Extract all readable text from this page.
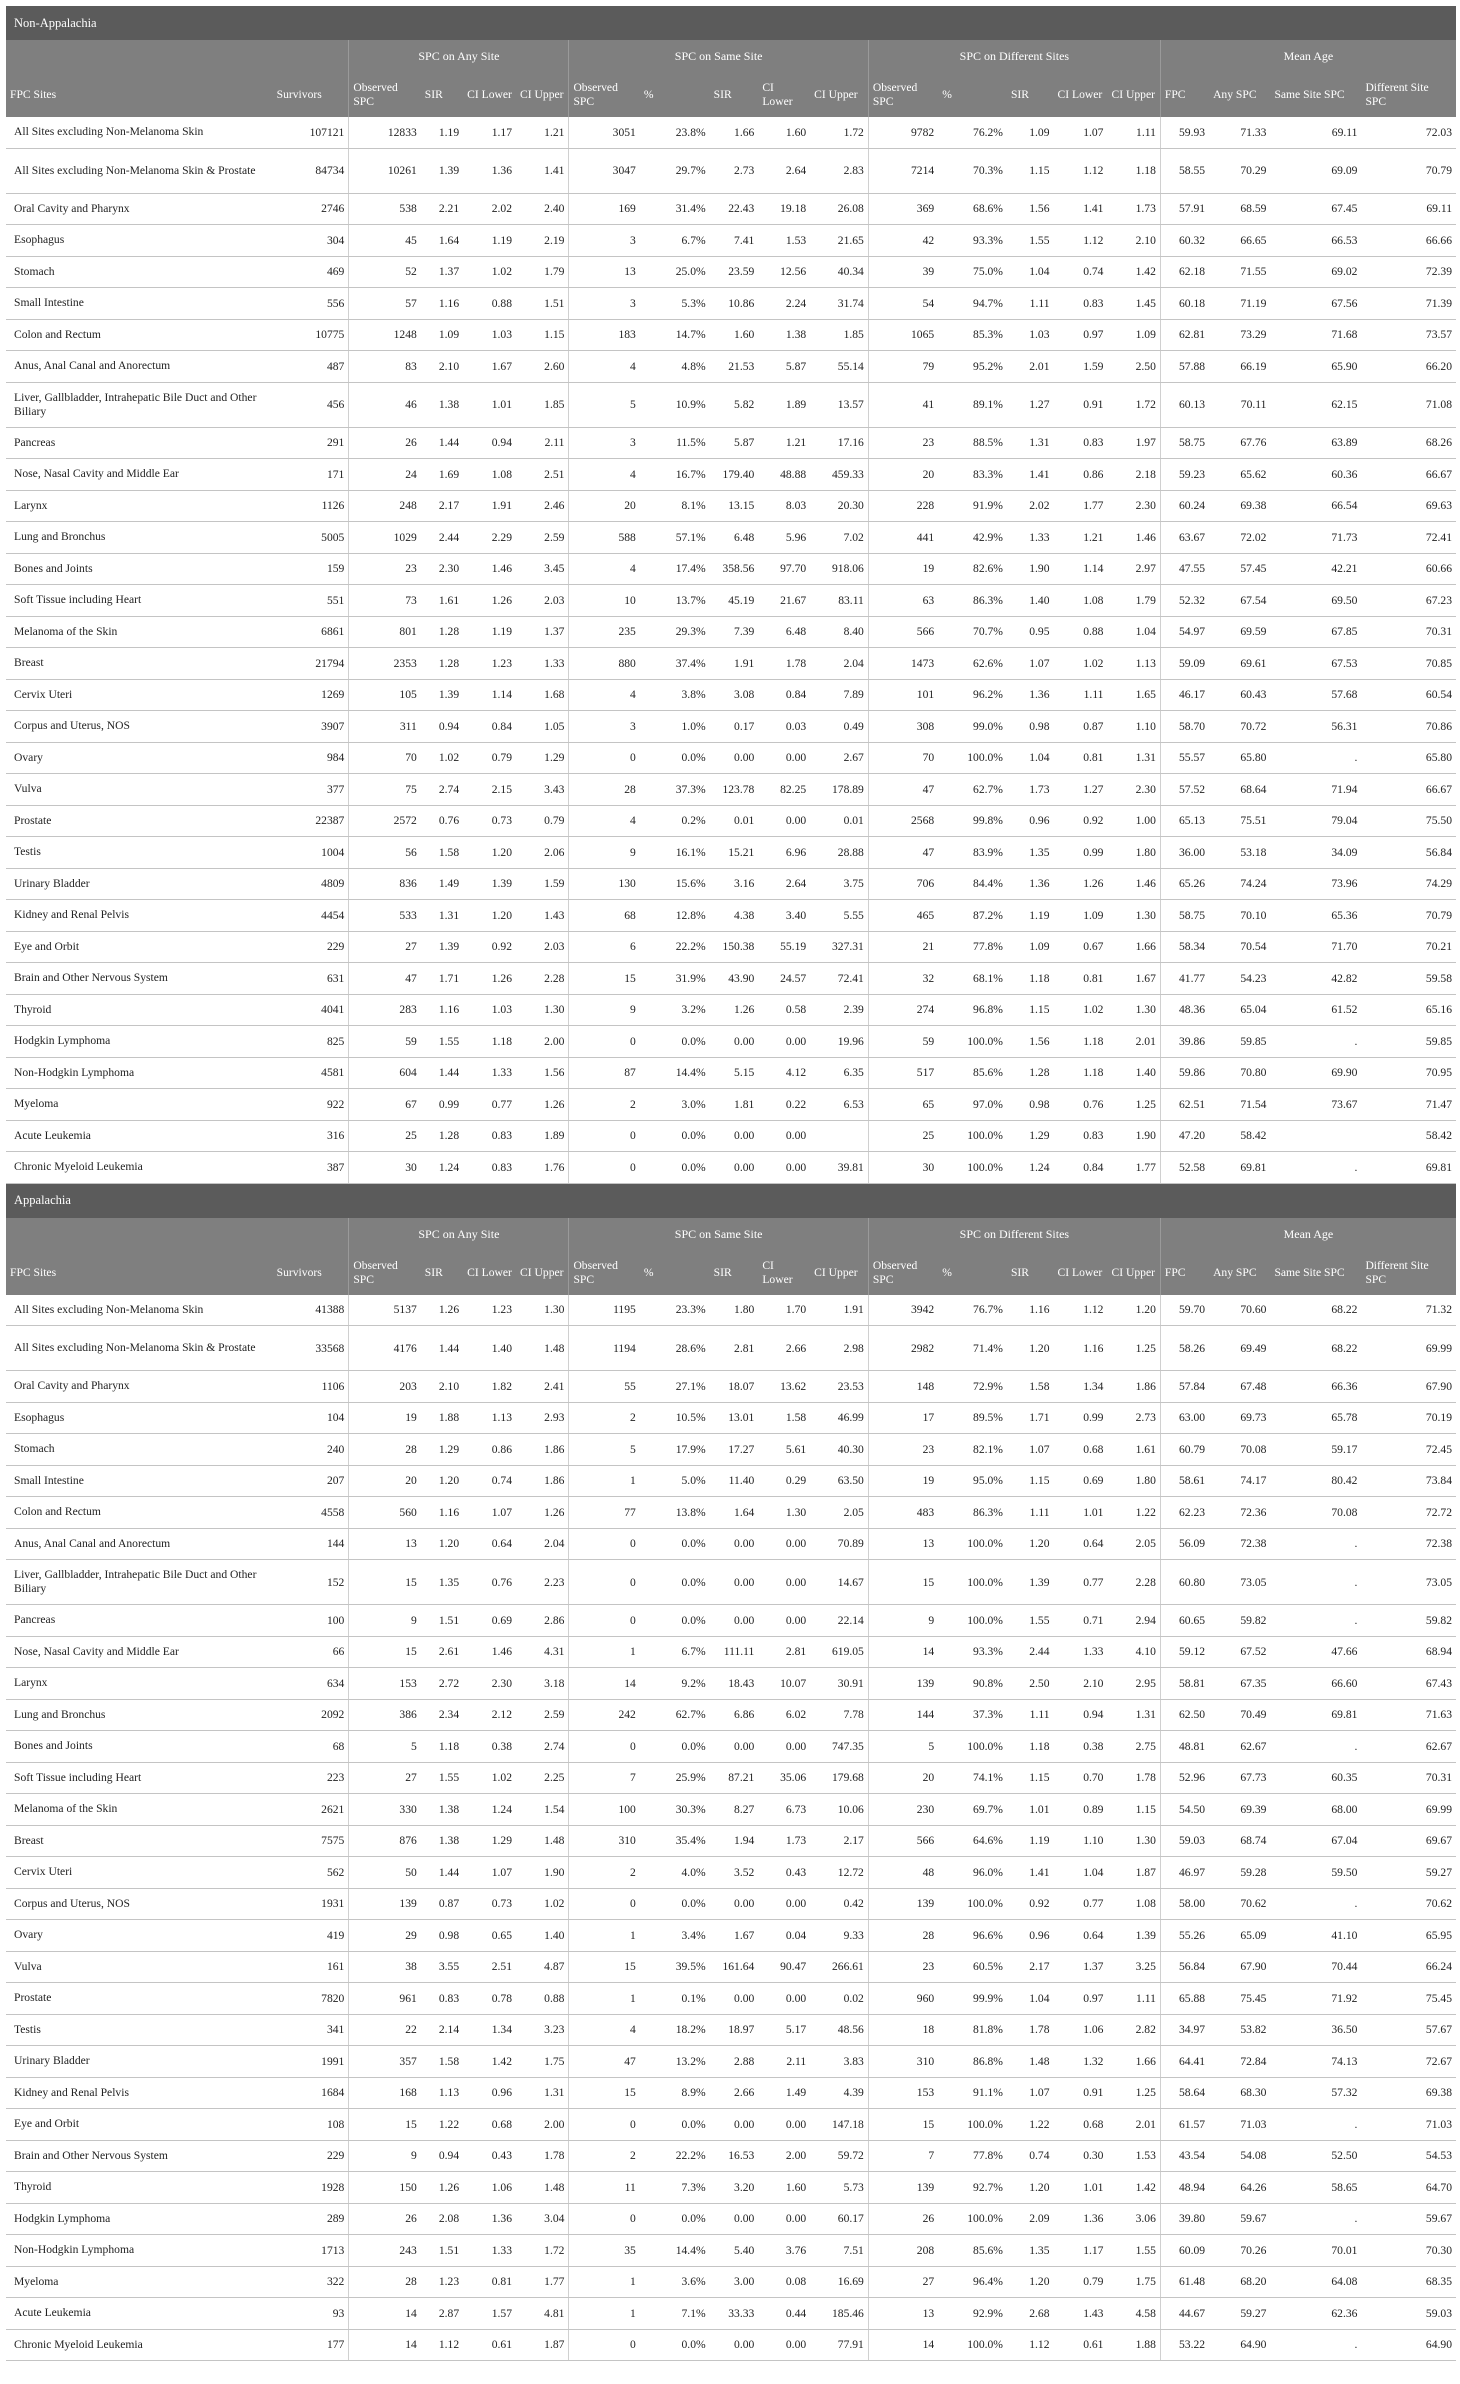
Non-Appalachia																			
		SPC on Any Site				SPC on Same Site					SPC on Different Sites					Mean Age			
FPC Sites	Survivors	Observed SPC	SIR	CI Lower	CI Upper	Observed SPC	%	SIR	CI Lower	CI Upper	Observed SPC	%	SIR	CI Lower	CI Upper	FPC	Any SPC	Same Site SPC	Different Site SPC
All Sites excluding Non-Melanoma Skin	107121	12833	1.19	1.17	1.21	3051	23.8%	1.66	1.60	1.72	9782	76.2%	1.09	1.07	1.11	59.93	71.33	69.11	72.03
All Sites excluding Non-Melanoma Skin & Prostate	84734	10261	1.39	1.36	1.41	3047	29.7%	2.73	2.64	2.83	7214	70.3%	1.15	1.12	1.18	58.55	70.29	69.09	70.79
Oral Cavity and Pharynx	2746	538	2.21	2.02	2.40	169	31.4%	22.43	19.18	26.08	369	68.6%	1.56	1.41	1.73	57.91	68.59	67.45	69.11
Esophagus	304	45	1.64	1.19	2.19	3	6.7%	7.41	1.53	21.65	42	93.3%	1.55	1.12	2.10	60.32	66.65	66.53	66.66
Stomach	469	52	1.37	1.02	1.79	13	25.0%	23.59	12.56	40.34	39	75.0%	1.04	0.74	1.42	62.18	71.55	69.02	72.39
Small Intestine	556	57	1.16	0.88	1.51	3	5.3%	10.86	2.24	31.74	54	94.7%	1.11	0.83	1.45	60.18	71.19	67.56	71.39
Colon and Rectum	10775	1248	1.09	1.03	1.15	183	14.7%	1.60	1.38	1.85	1065	85.3%	1.03	0.97	1.09	62.81	73.29	71.68	73.57
Anus, Anal Canal and Anorectum	487	83	2.10	1.67	2.60	4	4.8%	21.53	5.87	55.14	79	95.2%	2.01	1.59	2.50	57.88	66.19	65.90	66.20
Liver, Gallbladder, Intrahepatic Bile Duct and Other Biliary	456	46	1.38	1.01	1.85	5	10.9%	5.82	1.89	13.57	41	89.1%	1.27	0.91	1.72	60.13	70.11	62.15	71.08
Pancreas	291	26	1.44	0.94	2.11	3	11.5%	5.87	1.21	17.16	23	88.5%	1.31	0.83	1.97	58.75	67.76	63.89	68.26
Nose, Nasal Cavity and Middle Ear	171	24	1.69	1.08	2.51	4	16.7%	179.40	48.88	459.33	20	83.3%	1.41	0.86	2.18	59.23	65.62	60.36	66.67
Larynx	1126	248	2.17	1.91	2.46	20	8.1%	13.15	8.03	20.30	228	91.9%	2.02	1.77	2.30	60.24	69.38	66.54	69.63
Lung and Bronchus	5005	1029	2.44	2.29	2.59	588	57.1%	6.48	5.96	7.02	441	42.9%	1.33	1.21	1.46	63.67	72.02	71.73	72.41
Bones and Joints	159	23	2.30	1.46	3.45	4	17.4%	358.56	97.70	918.06	19	82.6%	1.90	1.14	2.97	47.55	57.45	42.21	60.66
Soft Tissue including Heart	551	73	1.61	1.26	2.03	10	13.7%	45.19	21.67	83.11	63	86.3%	1.40	1.08	1.79	52.32	67.54	69.50	67.23
Melanoma of the Skin	6861	801	1.28	1.19	1.37	235	29.3%	7.39	6.48	8.40	566	70.7%	0.95	0.88	1.04	54.97	69.59	67.85	70.31
Breast	21794	2353	1.28	1.23	1.33	880	37.4%	1.91	1.78	2.04	1473	62.6%	1.07	1.02	1.13	59.09	69.61	67.53	70.85
Cervix Uteri	1269	105	1.39	1.14	1.68	4	3.8%	3.08	0.84	7.89	101	96.2%	1.36	1.11	1.65	46.17	60.43	57.68	60.54
Corpus and Uterus, NOS	3907	311	0.94	0.84	1.05	3	1.0%	0.17	0.03	0.49	308	99.0%	0.98	0.87	1.10	58.70	70.72	56.31	70.86
Ovary	984	70	1.02	0.79	1.29	0	0.0%	0.00	0.00	2.67	70	100.0%	1.04	0.81	1.31	55.57	65.80	.	65.80
Vulva	377	75	2.74	2.15	3.43	28	37.3%	123.78	82.25	178.89	47	62.7%	1.73	1.27	2.30	57.52	68.64	71.94	66.67
Prostate	22387	2572	0.76	0.73	0.79	4	0.2%	0.01	0.00	0.01	2568	99.8%	0.96	0.92	1.00	65.13	75.51	79.04	75.50
Testis	1004	56	1.58	1.20	2.06	9	16.1%	15.21	6.96	28.88	47	83.9%	1.35	0.99	1.80	36.00	53.18	34.09	56.84
Urinary Bladder	4809	836	1.49	1.39	1.59	130	15.6%	3.16	2.64	3.75	706	84.4%	1.36	1.26	1.46	65.26	74.24	73.96	74.29
Kidney and Renal Pelvis	4454	533	1.31	1.20	1.43	68	12.8%	4.38	3.40	5.55	465	87.2%	1.19	1.09	1.30	58.75	70.10	65.36	70.79
Eye and Orbit	229	27	1.39	0.92	2.03	6	22.2%	150.38	55.19	327.31	21	77.8%	1.09	0.67	1.66	58.34	70.54	71.70	70.21
Brain and Other Nervous System	631	47	1.71	1.26	2.28	15	31.9%	43.90	24.57	72.41	32	68.1%	1.18	0.81	1.67	41.77	54.23	42.82	59.58
Thyroid	4041	283	1.16	1.03	1.30	9	3.2%	1.26	0.58	2.39	274	96.8%	1.15	1.02	1.30	48.36	65.04	61.52	65.16
Hodgkin Lymphoma	825	59	1.55	1.18	2.00	0	0.0%	0.00	0.00	19.96	59	100.0%	1.56	1.18	2.01	39.86	59.85	.	59.85
Non-Hodgkin Lymphoma	4581	604	1.44	1.33	1.56	87	14.4%	5.15	4.12	6.35	517	85.6%	1.28	1.18	1.40	59.86	70.80	69.90	70.95
Myeloma	922	67	0.99	0.77	1.26	2	3.0%	1.81	0.22	6.53	65	97.0%	0.98	0.76	1.25	62.51	71.54	73.67	71.47
Acute Leukemia	316	25	1.28	0.83	1.89	0	0.0%	0.00	0.00		25	100.0%	1.29	0.83	1.90	47.20	58.42		58.42
Chronic Myeloid Leukemia	387	30	1.24	0.83	1.76	0	0.0%	0.00	0.00	39.81	30	100.0%	1.24	0.84	1.77	52.58	69.81	.	69.81
Appalachia																			
		SPC on Any Site				SPC on Same Site					SPC on Different Sites					Mean Age			
FPC Sites	Survivors	Observed SPC	SIR	CI Lower	CI Upper	Observed SPC	%	SIR	CI Lower	CI Upper	Observed SPC	%	SIR	CI Lower	CI Upper	FPC	Any SPC	Same Site SPC	Different Site SPC
All Sites excluding Non-Melanoma Skin	41388	5137	1.26	1.23	1.30	1195	23.3%	1.80	1.70	1.91	3942	76.7%	1.16	1.12	1.20	59.70	70.60	68.22	71.32
All Sites excluding Non-Melanoma Skin & Prostate	33568	4176	1.44	1.40	1.48	1194	28.6%	2.81	2.66	2.98	2982	71.4%	1.20	1.16	1.25	58.26	69.49	68.22	69.99
Oral Cavity and Pharynx	1106	203	2.10	1.82	2.41	55	27.1%	18.07	13.62	23.53	148	72.9%	1.58	1.34	1.86	57.84	67.48	66.36	67.90
Esophagus	104	19	1.88	1.13	2.93	2	10.5%	13.01	1.58	46.99	17	89.5%	1.71	0.99	2.73	63.00	69.73	65.78	70.19
Stomach	240	28	1.29	0.86	1.86	5	17.9%	17.27	5.61	40.30	23	82.1%	1.07	0.68	1.61	60.79	70.08	59.17	72.45
Small Intestine	207	20	1.20	0.74	1.86	1	5.0%	11.40	0.29	63.50	19	95.0%	1.15	0.69	1.80	58.61	74.17	80.42	73.84
Colon and Rectum	4558	560	1.16	1.07	1.26	77	13.8%	1.64	1.30	2.05	483	86.3%	1.11	1.01	1.22	62.23	72.36	70.08	72.72
Anus, Anal Canal and Anorectum	144	13	1.20	0.64	2.04	0	0.0%	0.00	0.00	70.89	13	100.0%	1.20	0.64	2.05	56.09	72.38	.	72.38
Liver, Gallbladder, Intrahepatic Bile Duct and Other Biliary	152	15	1.35	0.76	2.23	0	0.0%	0.00	0.00	14.67	15	100.0%	1.39	0.77	2.28	60.80	73.05	.	73.05
Pancreas	100	9	1.51	0.69	2.86	0	0.0%	0.00	0.00	22.14	9	100.0%	1.55	0.71	2.94	60.65	59.82	.	59.82
Nose, Nasal Cavity and Middle Ear	66	15	2.61	1.46	4.31	1	6.7%	111.11	2.81	619.05	14	93.3%	2.44	1.33	4.10	59.12	67.52	47.66	68.94
Larynx	634	153	2.72	2.30	3.18	14	9.2%	18.43	10.07	30.91	139	90.8%	2.50	2.10	2.95	58.81	67.35	66.60	67.43
Lung and Bronchus	2092	386	2.34	2.12	2.59	242	62.7%	6.86	6.02	7.78	144	37.3%	1.11	0.94	1.31	62.50	70.49	69.81	71.63
Bones and Joints	68	5	1.18	0.38	2.74	0	0.0%	0.00	0.00	747.35	5	100.0%	1.18	0.38	2.75	48.81	62.67	.	62.67
Soft Tissue including Heart	223	27	1.55	1.02	2.25	7	25.9%	87.21	35.06	179.68	20	74.1%	1.15	0.70	1.78	52.96	67.73	60.35	70.31
Melanoma of the Skin	2621	330	1.38	1.24	1.54	100	30.3%	8.27	6.73	10.06	230	69.7%	1.01	0.89	1.15	54.50	69.39	68.00	69.99
Breast	7575	876	1.38	1.29	1.48	310	35.4%	1.94	1.73	2.17	566	64.6%	1.19	1.10	1.30	59.03	68.74	67.04	69.67
Cervix Uteri	562	50	1.44	1.07	1.90	2	4.0%	3.52	0.43	12.72	48	96.0%	1.41	1.04	1.87	46.97	59.28	59.50	59.27
Corpus and Uterus, NOS	1931	139	0.87	0.73	1.02	0	0.0%	0.00	0.00	0.42	139	100.0%	0.92	0.77	1.08	58.00	70.62	.	70.62
Ovary	419	29	0.98	0.65	1.40	1	3.4%	1.67	0.04	9.33	28	96.6%	0.96	0.64	1.39	55.26	65.09	41.10	65.95
Vulva	161	38	3.55	2.51	4.87	15	39.5%	161.64	90.47	266.61	23	60.5%	2.17	1.37	3.25	56.84	67.90	70.44	66.24
Prostate	7820	961	0.83	0.78	0.88	1	0.1%	0.00	0.00	0.02	960	99.9%	1.04	0.97	1.11	65.88	75.45	71.92	75.45
Testis	341	22	2.14	1.34	3.23	4	18.2%	18.97	5.17	48.56	18	81.8%	1.78	1.06	2.82	34.97	53.82	36.50	57.67
Urinary Bladder	1991	357	1.58	1.42	1.75	47	13.2%	2.88	2.11	3.83	310	86.8%	1.48	1.32	1.66	64.41	72.84	74.13	72.67
Kidney and Renal Pelvis	1684	168	1.13	0.96	1.31	15	8.9%	2.66	1.49	4.39	153	91.1%	1.07	0.91	1.25	58.64	68.30	57.32	69.38
Eye and Orbit	108	15	1.22	0.68	2.00	0	0.0%	0.00	0.00	147.18	15	100.0%	1.22	0.68	2.01	61.57	71.03	.	71.03
Brain and Other Nervous System	229	9	0.94	0.43	1.78	2	22.2%	16.53	2.00	59.72	7	77.8%	0.74	0.30	1.53	43.54	54.08	52.50	54.53
Thyroid	1928	150	1.26	1.06	1.48	11	7.3%	3.20	1.60	5.73	139	92.7%	1.20	1.01	1.42	48.94	64.26	58.65	64.70
Hodgkin Lymphoma	289	26	2.08	1.36	3.04	0	0.0%	0.00	0.00	60.17	26	100.0%	2.09	1.36	3.06	39.80	59.67	.	59.67
Non-Hodgkin Lymphoma	1713	243	1.51	1.33	1.72	35	14.4%	5.40	3.76	7.51	208	85.6%	1.35	1.17	1.55	60.09	70.26	70.01	70.30
Myeloma	322	28	1.23	0.81	1.77	1	3.6%	3.00	0.08	16.69	27	96.4%	1.20	0.79	1.75	61.48	68.20	64.08	68.35
Acute Leukemia	93	14	2.87	1.57	4.81	1	7.1%	33.33	0.44	185.46	13	92.9%	2.68	1.43	4.58	44.67	59.27	62.36	59.03
Chronic Myeloid Leukemia	177	14	1.12	0.61	1.87	0	0.0%	0.00	0.00	77.91	14	100.0%	1.12	0.61	1.88	53.22	64.90	.	64.90
